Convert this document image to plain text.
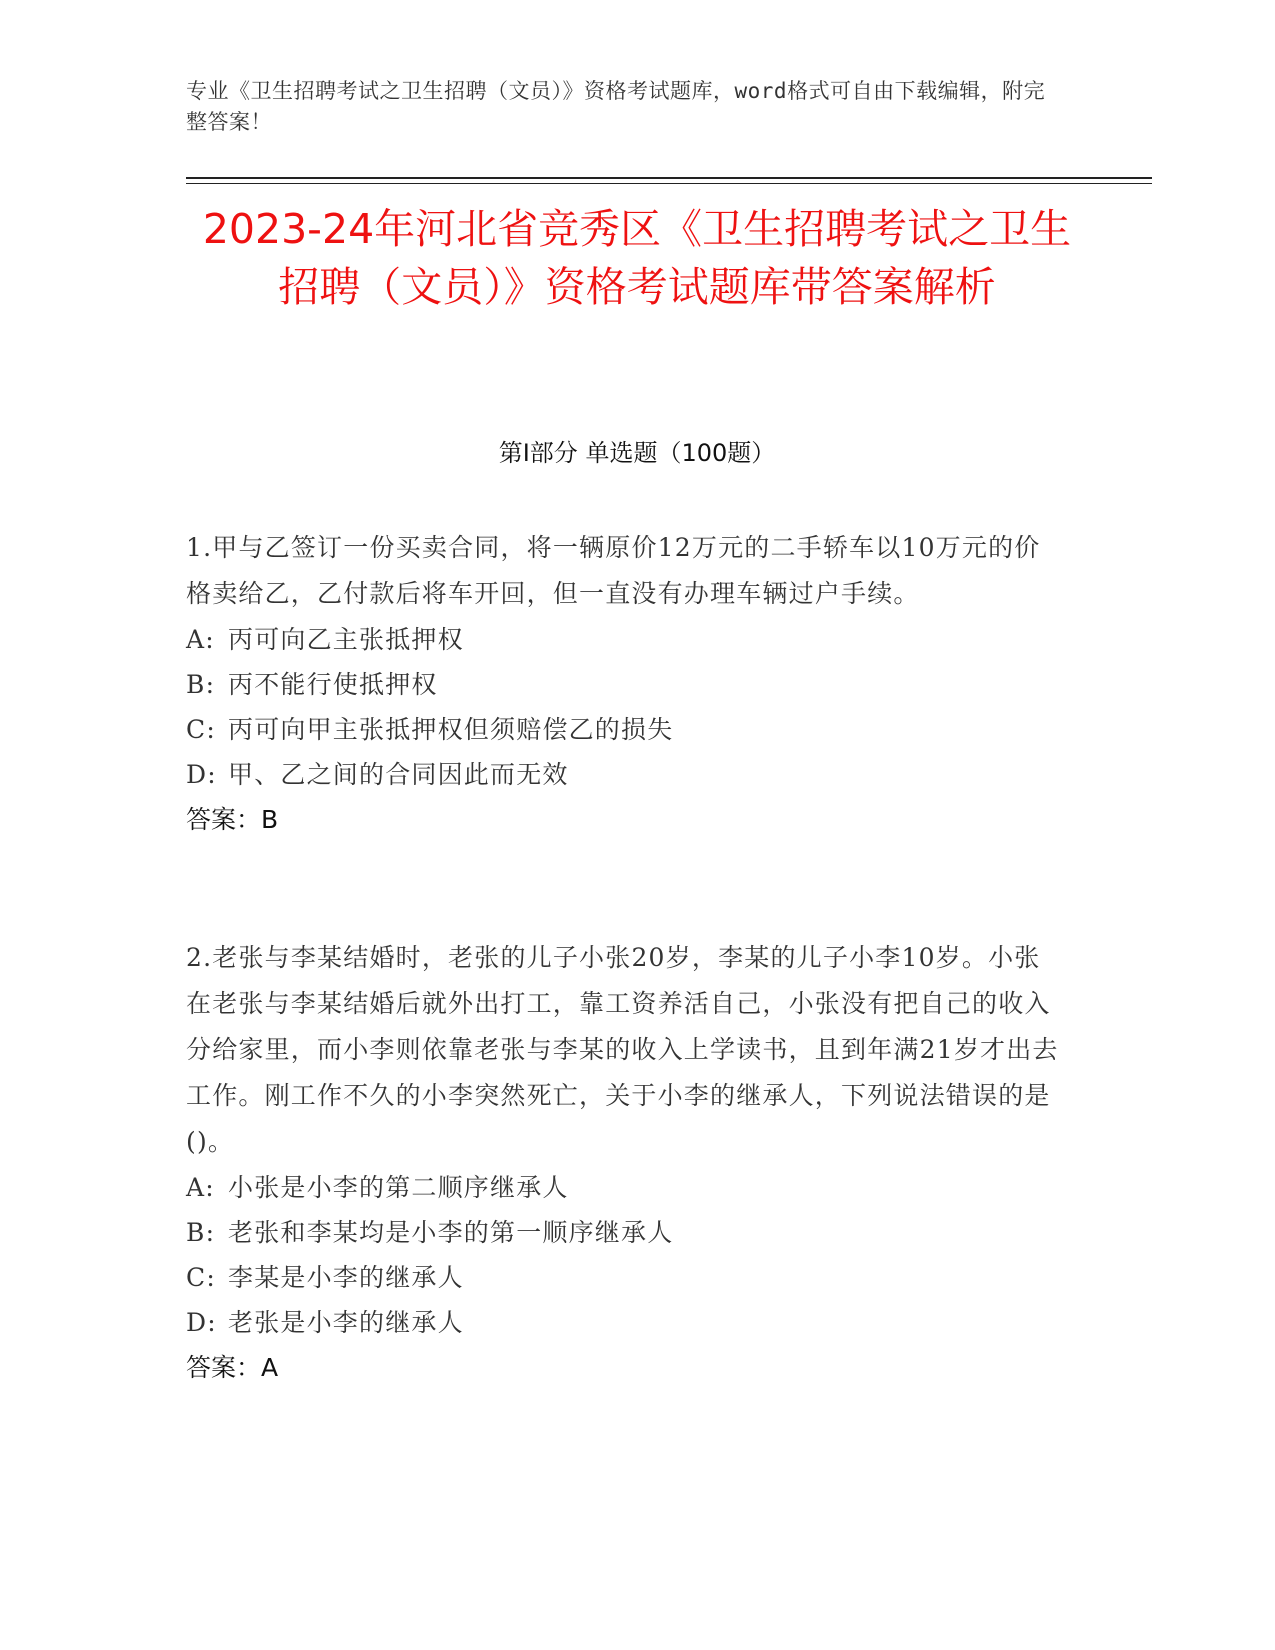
专业《卫生招聘考试之卫生招聘（文员）》资格考试题库，word格式可自由下载编辑，附完整答案！
2023-24年河北省竞秀区《卫生招聘考试之卫生招聘（文员）》资格考试题库带答案解析
第Ⅰ部分 单选题（100题）

1.甲与乙签订一份买卖合同，将一辆原价12万元的二手轿车以10万元的价格卖给乙，乙付款后将车开回，但一直没有办理车辆过户手续。

A: 丙可向乙主张抵押权

B: 丙不能行使抵押权

C: 丙可向甲主张抵押权但须赔偿乙的损失

D: 甲、乙之间的合同因此而无效

答案：B

2.老张与李某结婚时，老张的儿子小张20岁，李某的儿子小李10岁。小张在老张与李某结婚后就外出打工，靠工资养活自己，小张没有把自己的收入分给家里，而小李则依靠老张与李某的收入上学读书，且到年满21岁才出去工作。刚工作不久的小李突然死亡，关于小李的继承人，下列说法错误的是()。

A: 小张是小李的第二顺序继承人

B: 老张和李某均是小李的第一顺序继承人

C: 李某是小李的继承人

D: 老张是小李的继承人

答案：A
